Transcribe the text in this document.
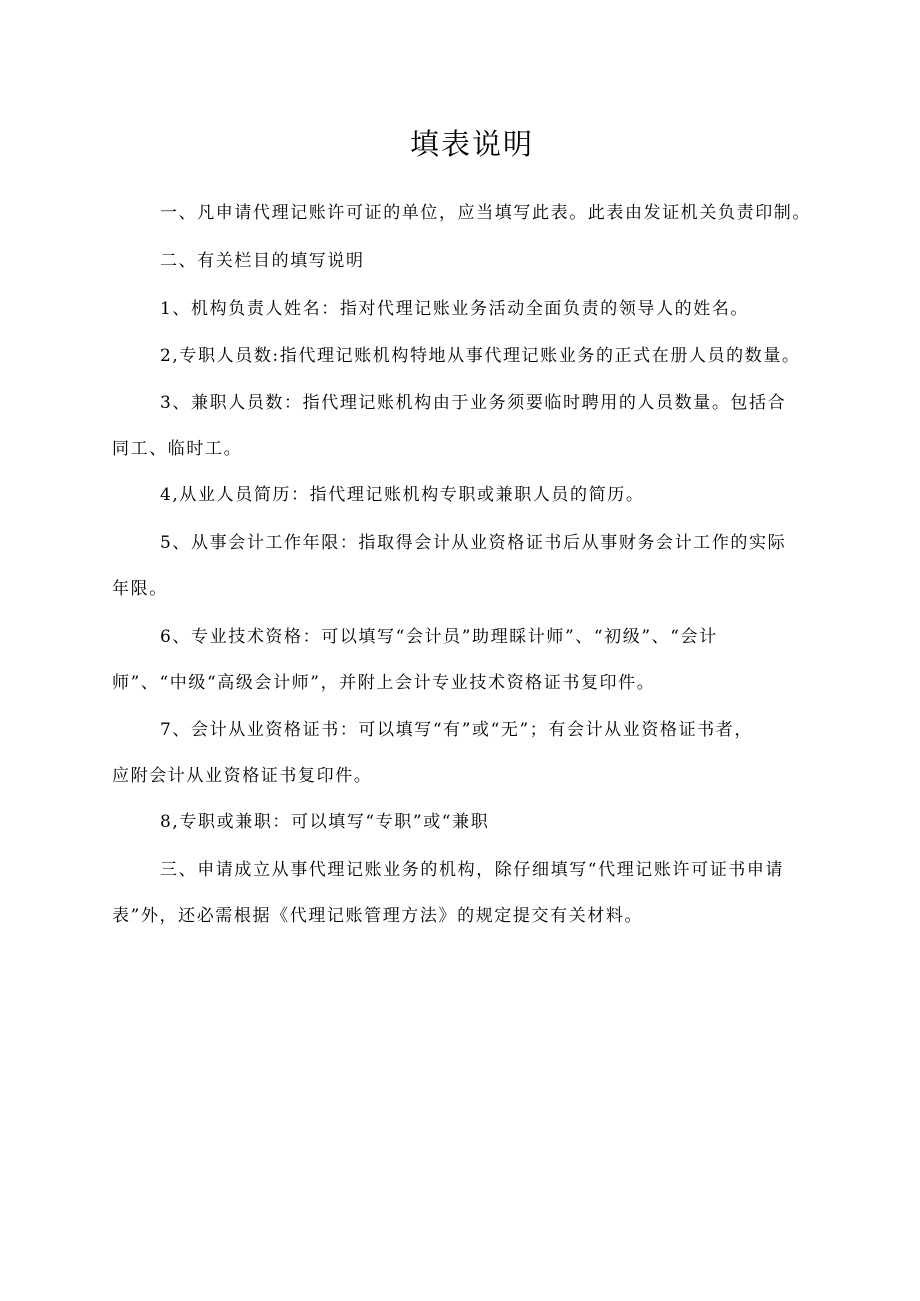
填表说明
一、凡申请代理记账许可证的单位，应当填写此表。此表由发证机关负责印制。
二、有关栏目的填写说明
1、机构负责人姓名：指对代理记账业务活动全面负责的领导人的姓名。
2,专职人员数:指代理记账机构特地从事代理记账业务的正式在册人员的数量。
3、兼职人员数：指代理记账机构由于业务须要临时聘用的人员数量。包括合
同工、临时工。
4,从业人员简历：指代理记账机构专职或兼职人员的简历。
5、从事会计工作年限：指取得会计从业资格证书后从事财务会计工作的实际
年限。
6、专业技术资格：可以填写“会计员”助理睬计师”、“初级”、“会计
师”、“中级“高级会计师”，并附上会计专业技术资格证书复印件。
7、会计从业资格证书：可以填写“有”或“无”；有会计从业资格证书者，
应附会计从业资格证书复印件。
8,专职或兼职：可以填写“专职”或“兼职
三、申请成立从事代理记账业务的机构，除仔细填写“代理记账许可证书申请
表”外，还必需根据《代理记账管理方法》的规定提交有关材料。
